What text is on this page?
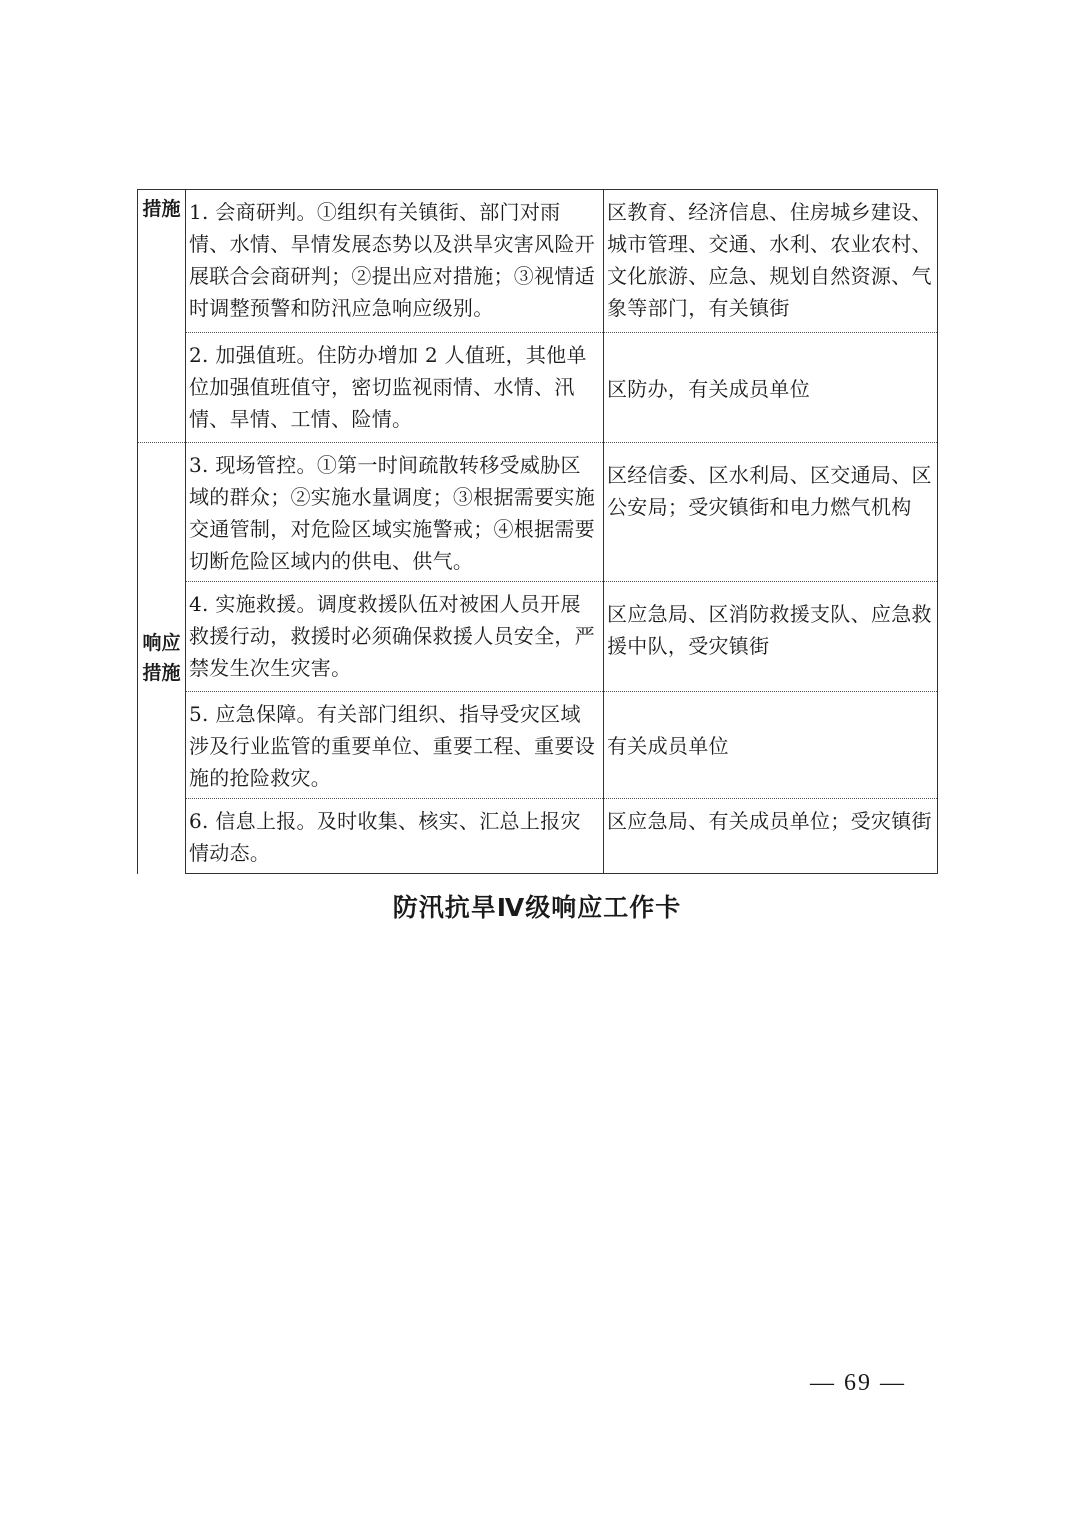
措施	1. 会商研判。①组织有关镇街、部门对雨情、水情、旱情发展态势以及洪旱灾害风险开展联合会商研判；②提出应对措施；③视情适时调整预警和防汛应急响应级别。	区教育、经济信息、住房城乡建设、城市管理、交通、水利、农业农村、文化旅游、应急、规划自然资源、气象等部门，有关镇街
	2. 加强值班。住防办增加 2 人值班，其他单位加强值班值守，密切监视雨情、水情、汛情、旱情、工情、险情。	区防办，有关成员单位
响应措施	3. 现场管控。①第一时间疏散转移受威胁区域的群众；②实施水量调度；③根据需要实施交通管制，对危险区域实施警戒；④根据需要切断危险区域内的供电、供气。	区经信委、区水利局、区交通局、区公安局；受灾镇街和电力燃气机构
	4. 实施救援。调度救援队伍对被困人员开展救援行动，救援时必须确保救援人员安全，严禁发生次生灾害。	区应急局、区消防救援支队、应急救援中队，受灾镇街
	5. 应急保障。有关部门组织、指导受灾区域涉及行业监管的重要单位、重要工程、重要设施的抢险救灾。	有关成员单位
	6. 信息上报。及时收集、核实、汇总上报灾情动态。	区应急局、有关成员单位；受灾镇街
防汛抗旱Ⅳ级响应工作卡
— 69 —
